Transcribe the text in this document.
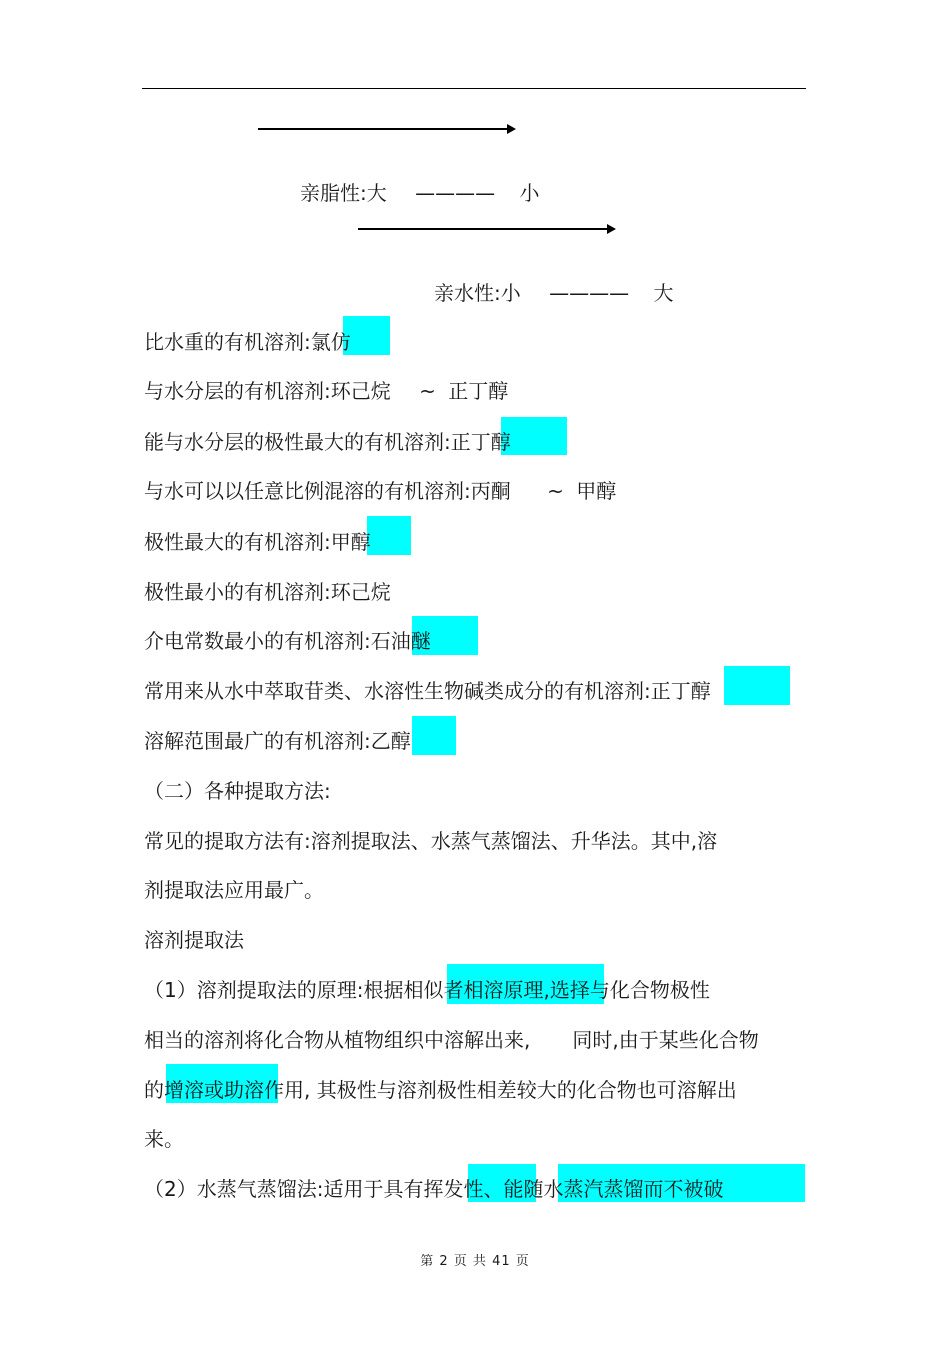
亲脂性:大 ———— 小
亲水性:小 ———— 大
比水重的有机溶剂:氯仿
与水分层的有机溶剂:环己烷 ~ 正丁醇
能与水分层的极性最大的有机溶剂:正丁醇
与水可以以任意比例混溶的有机溶剂:丙酮 ~ 甲醇
极性最大的有机溶剂:甲醇
极性最小的有机溶剂:环己烷
介电常数最小的有机溶剂:石油醚
常用来从水中萃取苷类、水溶性生物碱类成分的有机溶剂:正丁醇
溶解范围最广的有机溶剂:乙醇
（二）各种提取方法:
常见的提取方法有:溶剂提取法、水蒸气蒸馏法、升华法。其中,溶
剂提取法应用最广。
溶剂提取法
（1）溶剂提取法的原理:根据相似者相溶原理,选择与化合物极性
相当的溶剂将化合物从植物组织中溶解出来, 同时,由于某些化合物
的增溶或助溶作用, 其极性与溶剂极性相差较大的化合物也可溶解出
来。
（2）水蒸气蒸馏法:适用于具有挥发性、能随水蒸汽蒸馏而不被破
第 2 页 共 41 页
